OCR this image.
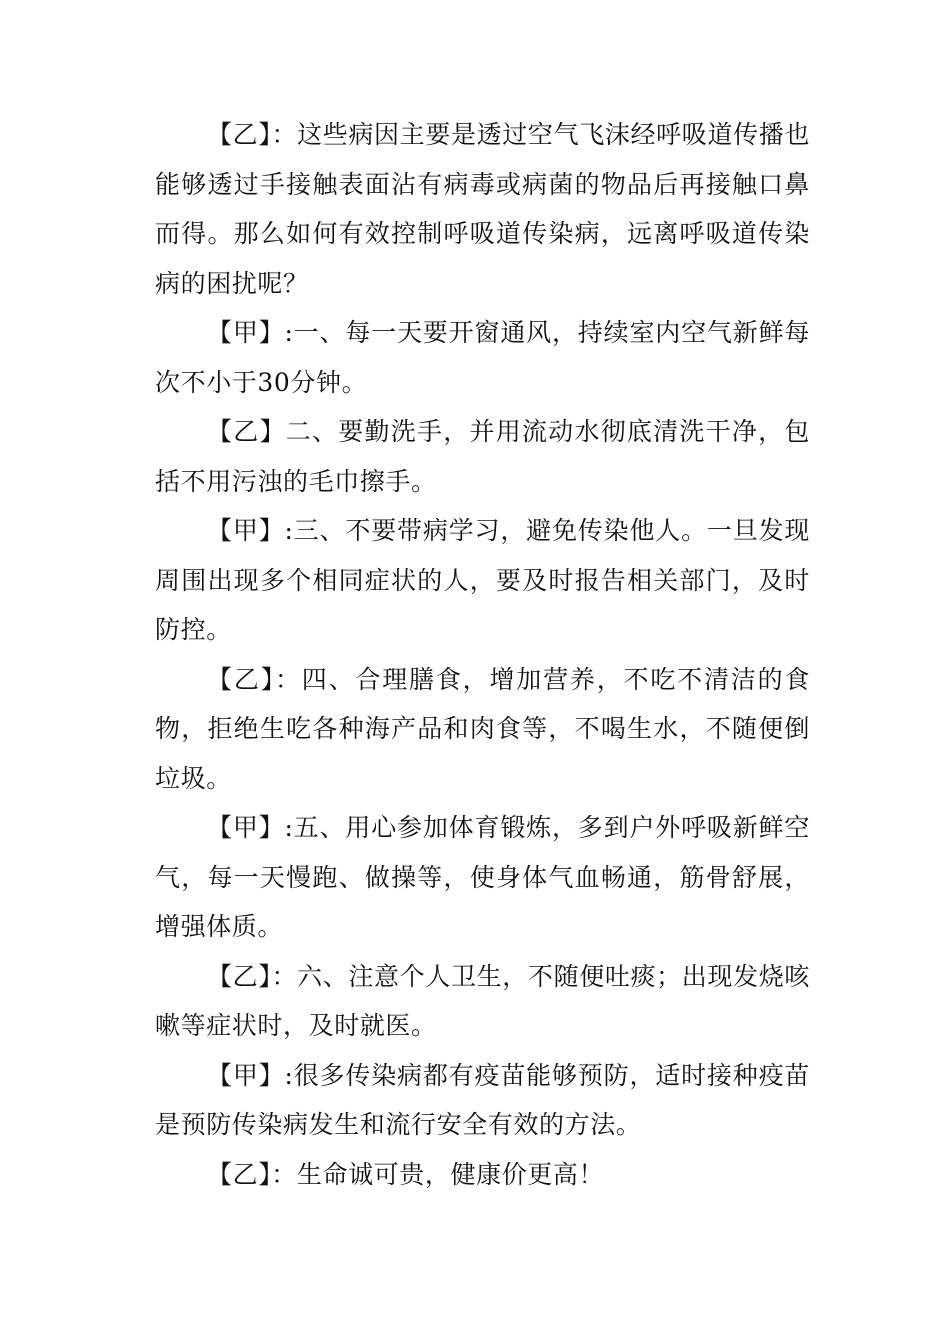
【乙】：这些病因主要是透过空气飞沫经呼吸道传播也能够透过手接触表面沾有病毒或病菌的物品后再接触口鼻而得。那么如何有效控制呼吸道传染病，远离呼吸道传染病的困扰呢？

【甲】:一、每一天要开窗通风，持续室内空气新鲜每次不小于30分钟。

【乙】二、要勤洗手，并用流动水彻底清洗干净，包括不用污浊的毛巾擦手。

【甲】:三、不要带病学习，避免传染他人。一旦发现周围出现多个相同症状的人，要及时报告相关部门，及时防控。

【乙】：四、合理膳食，增加营养，不吃不清洁的食物，拒绝生吃各种海产品和肉食等，不喝生水，不随便倒垃圾。

【甲】:五、用心参加体育锻炼，多到户外呼吸新鲜空气，每一天慢跑、做操等，使身体气血畅通，筋骨舒展，增强体质。

【乙】：六、注意个人卫生，不随便吐痰；出现发烧咳嗽等症状时，及时就医。

【甲】:很多传染病都有疫苗能够预防，适时接种疫苗是预防传染病发生和流行安全有效的方法。

【乙】：生命诚可贵，健康价更高！
